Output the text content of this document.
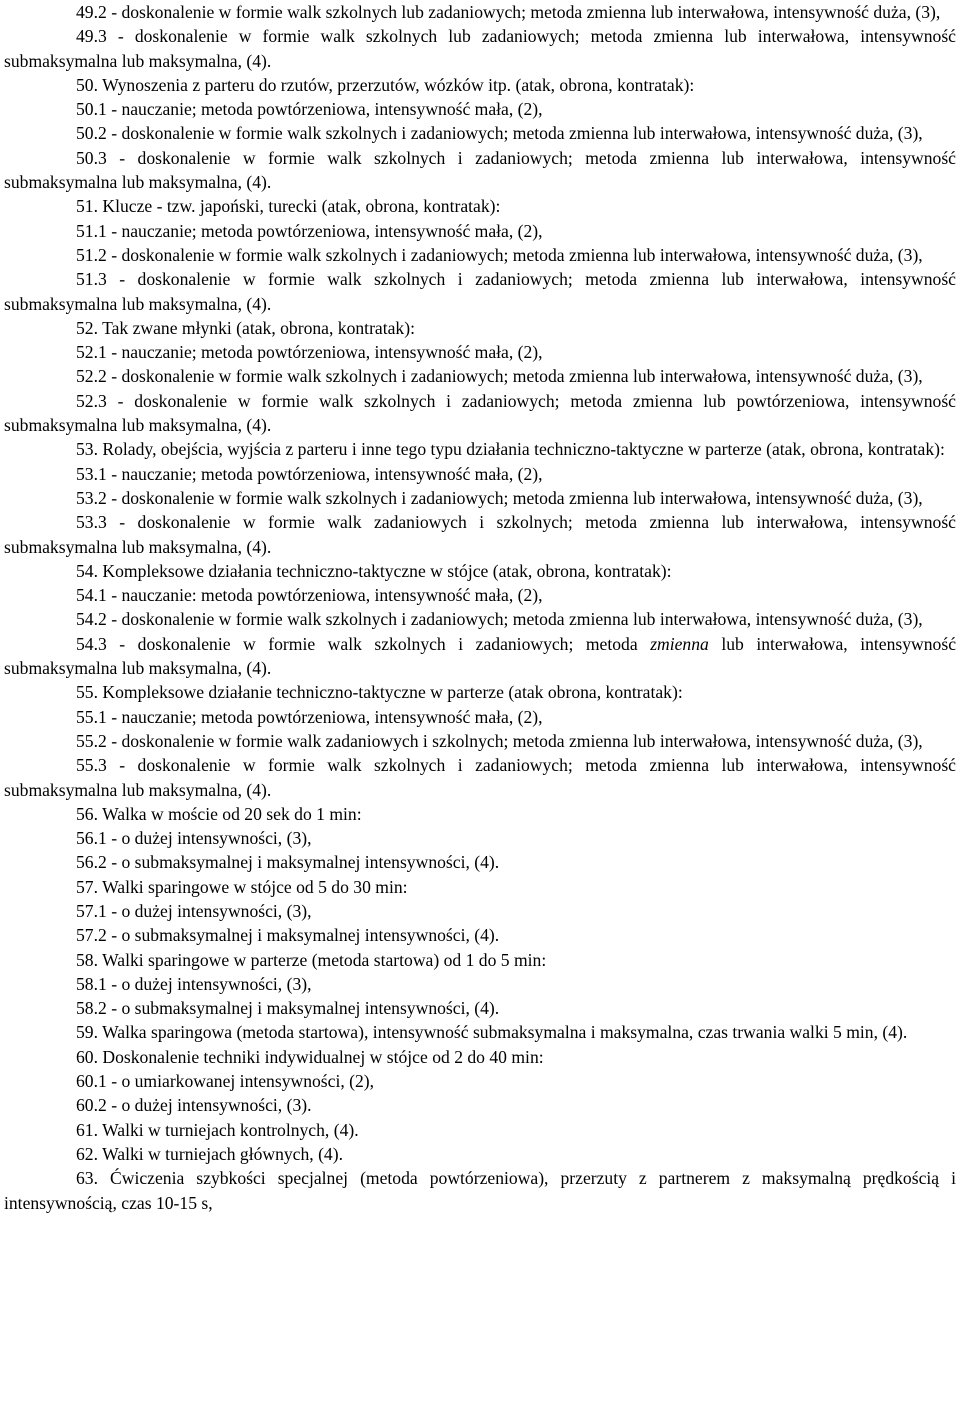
49.2 - doskonalenie w formie walk szkolnych lub zadaniowych; metoda zmienna lub interwałowa, intensywność duża, (3),

49.3 - doskonalenie w formie walk szkolnych lub zadaniowych; metoda zmienna lub interwałowa, intensywność submaksymalna lub maksymalna, (4).

50. Wynoszenia z parteru do rzutów, przerzutów, wózków itp. (atak, obrona, kontratak):

50.1 - nauczanie; metoda powtórzeniowa, intensywność mała, (2),

50.2 - doskonalenie w formie walk szkolnych i zadaniowych; metoda zmienna lub interwałowa, intensywność duża, (3),

50.3 - doskonalenie w formie walk szkolnych i zadaniowych; metoda zmienna lub interwałowa, intensywność submaksymalna lub maksymalna, (4).

51. Klucze - tzw. japoński, turecki (atak, obrona, kontratak):

51.1 - nauczanie; metoda powtórzeniowa, intensywność mała, (2),

51.2 - doskonalenie w formie walk szkolnych i zadaniowych; metoda zmienna lub interwałowa, intensywność duża, (3),

51.3 - doskonalenie w formie walk szkolnych i zadaniowych; metoda zmienna lub interwałowa, intensywność submaksymalna lub maksymalna, (4).

52. Tak zwane młynki (atak, obrona, kontratak):

52.1 - nauczanie; metoda powtórzeniowa, intensywność mała, (2),

52.2 - doskonalenie w formie walk szkolnych i zadaniowych; metoda zmienna lub interwałowa, intensywność duża, (3),

52.3 - doskonalenie w formie walk szkolnych i zadaniowych; metoda zmienna lub powtórzeniowa, intensywność submaksymalna lub maksymalna, (4).

53. Rolady, obejścia, wyjścia z parteru i inne tego typu działania techniczno-taktyczne w parterze (atak, obrona, kontratak):

53.1 - nauczanie; metoda powtórzeniowa, intensywność mała, (2),

53.2 - doskonalenie w formie walk szkolnych i zadaniowych; metoda zmienna lub interwałowa, intensywność duża, (3),

53.3 - doskonalenie w formie walk zadaniowych i szkolnych; metoda zmienna lub interwałowa, intensywność submaksymalna lub maksymalna, (4).

54. Kompleksowe działania techniczno-taktyczne w stójce (atak, obrona, kontratak):

54.1 - nauczanie: metoda powtórzeniowa, intensywność mała, (2),

54.2 - doskonalenie w formie walk szkolnych i zadaniowych; metoda zmienna lub interwałowa, intensywność duża, (3),

54.3 - doskonalenie w formie walk szkolnych i zadaniowych; metoda zmienna lub interwałowa, intensywność submaksymalna lub maksymalna, (4).

55. Kompleksowe działanie techniczno-taktyczne w parterze (atak obrona, kontratak):

55.1 - nauczanie; metoda powtórzeniowa, intensywność mała, (2),

55.2 - doskonalenie w formie walk zadaniowych i szkolnych; metoda zmienna lub interwałowa, intensywność duża, (3),

55.3 - doskonalenie w formie walk szkolnych i zadaniowych; metoda zmienna lub interwałowa, intensywność submaksymalna lub maksymalna, (4).

56. Walka w moście od 20 sek do 1 min:

56.1 - o dużej intensywności, (3),

56.2 - o submaksymalnej i maksymalnej intensywności, (4).

57. Walki sparingowe w stójce od 5 do 30 min:

57.1 - o dużej intensywności, (3),

57.2 - o submaksymalnej i maksymalnej intensywności, (4).

58. Walki sparingowe w parterze (metoda startowa) od 1 do 5 min:

58.1 - o dużej intensywności, (3),

58.2 - o submaksymalnej i maksymalnej intensywności, (4).

59. Walka sparingowa (metoda startowa), intensywność submaksymalna i maksymalna, czas trwania walki 5 min, (4).

60. Doskonalenie techniki indywidualnej w stójce od 2 do 40 min:

60.1 - o umiarkowanej intensywności, (2),

60.2 - o dużej intensywności, (3).

61. Walki w turniejach kontrolnych, (4).

62. Walki w turniejach głównych, (4).

63. Ćwiczenia szybkości specjalnej (metoda powtórzeniowa), przerzuty z partnerem z maksymalną prędkością i intensywnością, czas 10-15 s,
